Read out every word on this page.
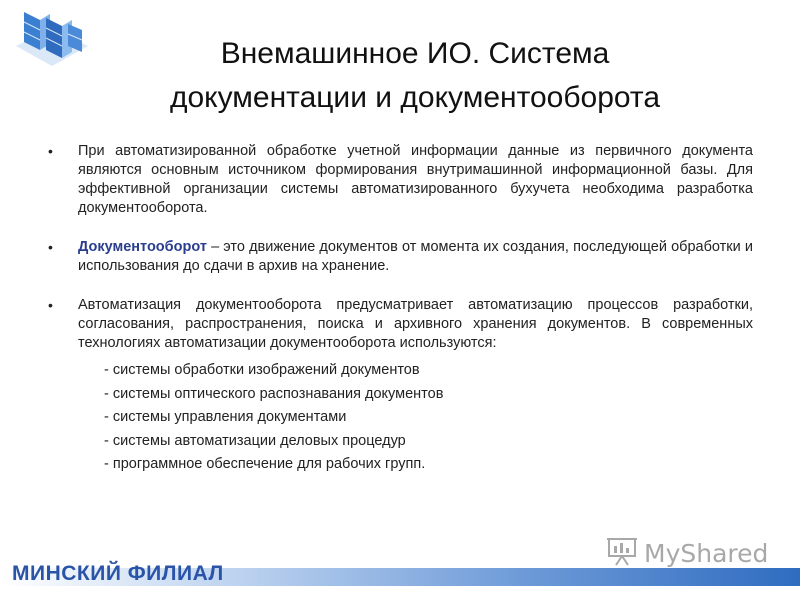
Внемашинное ИО. Система
документации и документооборота
• При автоматизированной обработке учетной информации данные из первичного документа являются основным источником формирования внутримашинной информационной базы. Для эффективной организации системы автоматизированного бухучета необходима разработка документооборота.

• Документооборот – это движение документов от момента их создания, последующей обработки и использования до сдачи в архив на хранение.

• Автоматизация документооборота предусматривает автоматизацию процессов разработки, согласования, распространения, поиска и архивного хранения документов. В современных технологиях автоматизации документооборота используются:

- системы обработки изображений документов
- системы оптического распознавания документов
- системы управления документами
- системы автоматизации деловых процедур
- программное обеспечение для рабочих групп.
MyShared
МИНСКИЙ ФИЛИАЛ
